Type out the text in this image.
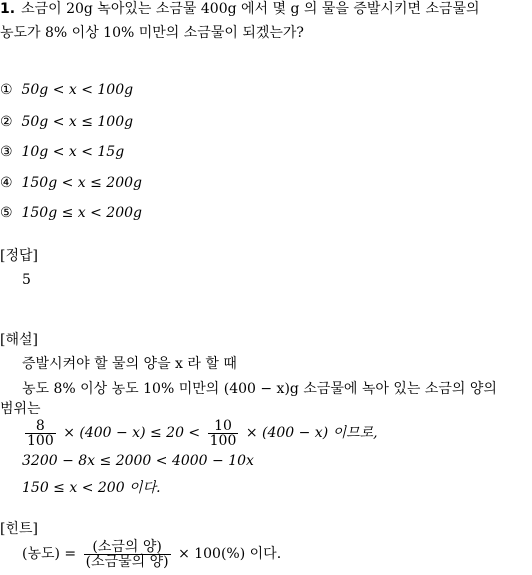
1. 소금이 20g 녹아있는 소금물 400g 에서 몇 g 의 물을 증발시키면 소금물의
농도가 8% 이상 10% 미만의 소금물이 되겠는가?
① 50g < x < 100g
② 50g < x ≤ 100g
③ 10g < x < 15g
④ 150g < x ≤ 200g
⑤ 150g ≤ x < 200g
[정답]
5
[해설]
증발시켜야 할 물의 양을 x 라 할 때
농도 8% 이상 농도 10% 미만의 (400 − x)g 소금물에 녹아 있는 소금의 양의
범위는
$\frac{8}{100} \times (400 - x) \le 20 < \frac{10}{100} \times (400 - x)$ 이므로,
3200 − 8x ≤ 2000 < 4000 − 10x
150 ≤ x < 200 이다.
[힌트]
(농도) = $\frac{\text{(소금의 양)}}{\text{(소금물의 양)}} \times 100(\%)$ 이다.
